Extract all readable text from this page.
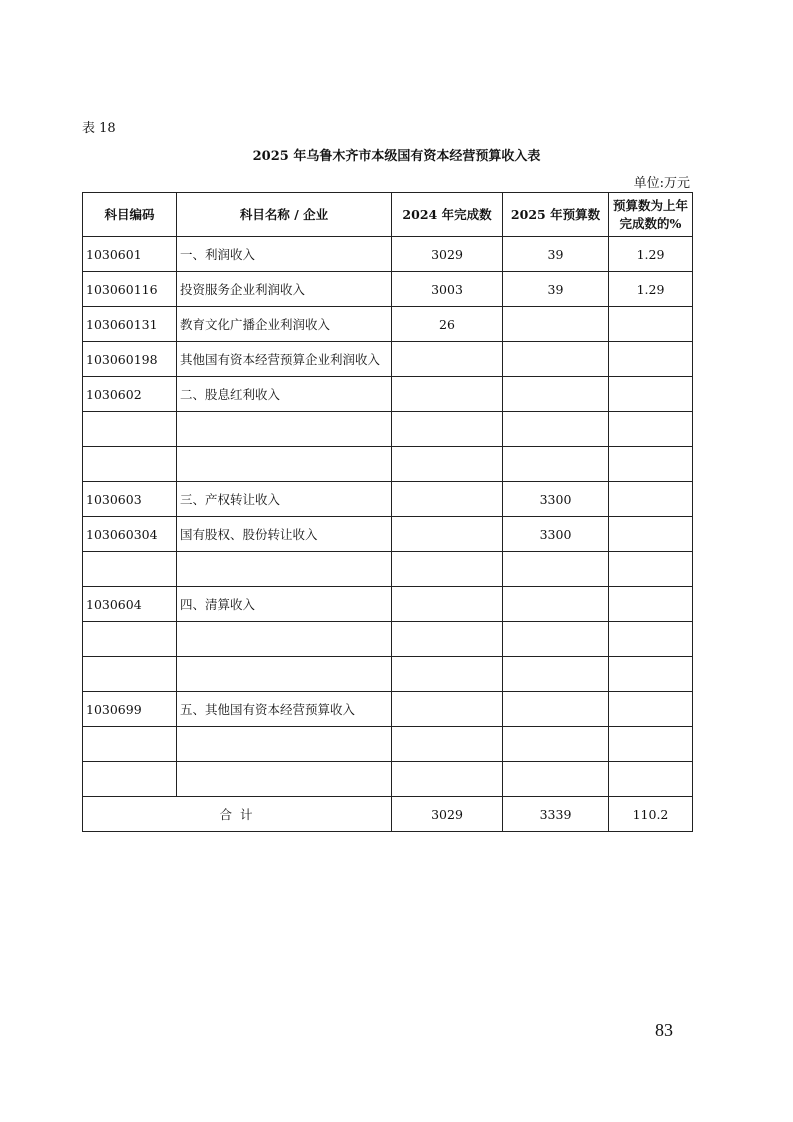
表 18
2025 年乌鲁木齐市本级国有资本经营预算收入表
单位:万元
科目编码	科目名称 / 企业	2024 年完成数	2025 年预算数	预算数为上年完成数的%
1030601	一、利润收入	3029	39	1.29
103060116	投资服务企业利润收入	3003	39	1.29
103060131	教育文化广播企业利润收入	26		
103060198	其他国有资本经营预算企业利润收入			
1030602	二、股息红利收入			

1030603	三、产权转让收入		3300	
103060304	国有股权、股份转让收入		3300	

1030604	四、清算收入			

1030699	五、其他国有资本经营预算收入			

合 计		3029	3339	110.2
83
